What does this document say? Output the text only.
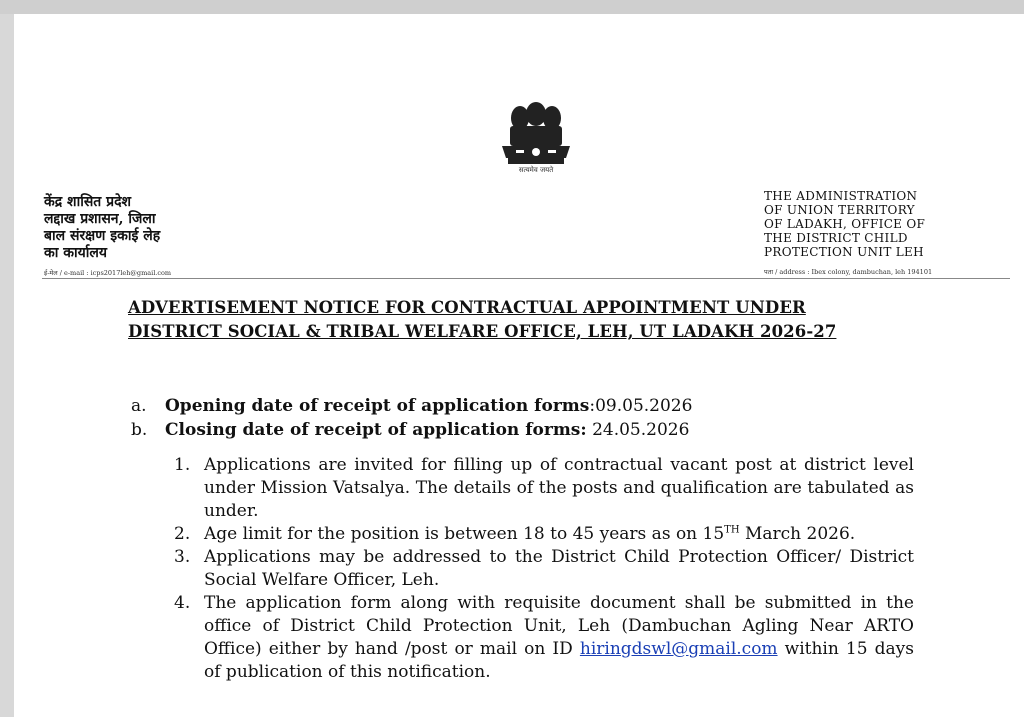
सत्यमेव जयते
केंद्र शासित प्रदेश
लद्दाख प्रशासन, जिला
बाल संरक्षण इकाई लेह
का कार्यालय
ई-मेल / e-mail : icps2017leh@gmail.com
THE ADMINISTRATION
OF UNION TERRITORY
OF LADAKH, OFFICE OF
THE DISTRICT CHILD
PROTECTION UNIT LEH
पता / address : Ibex colony, dambuchan, leh 194101
ADVERTISEMENT NOTICE FOR CONTRACTUAL APPOINTMENT UNDER DISTRICT SOCIAL & TRIBAL WELFARE OFFICE, LEH, UT LADAKH 2026-27
a. Opening date of receipt of application forms:09.05.2026
b. Closing date of receipt of application forms: 24.05.2026
1. Applications are invited for filling up of contractual vacant post at district level under Mission Vatsalya. The details of the posts and qualification are tabulated as under.
2. Age limit for the position is between 18 to 45 years as on 15TH March 2026.
3. Applications may be addressed to the District Child Protection Officer/ District Social Welfare Officer, Leh.
4. The application form along with requisite document shall be submitted in the office of District Child Protection Unit, Leh (Dambuchan Agling Near ARTO Office) either by hand /post or mail on ID hiringdswl@gmail.com within 15 days of publication of this notification.
